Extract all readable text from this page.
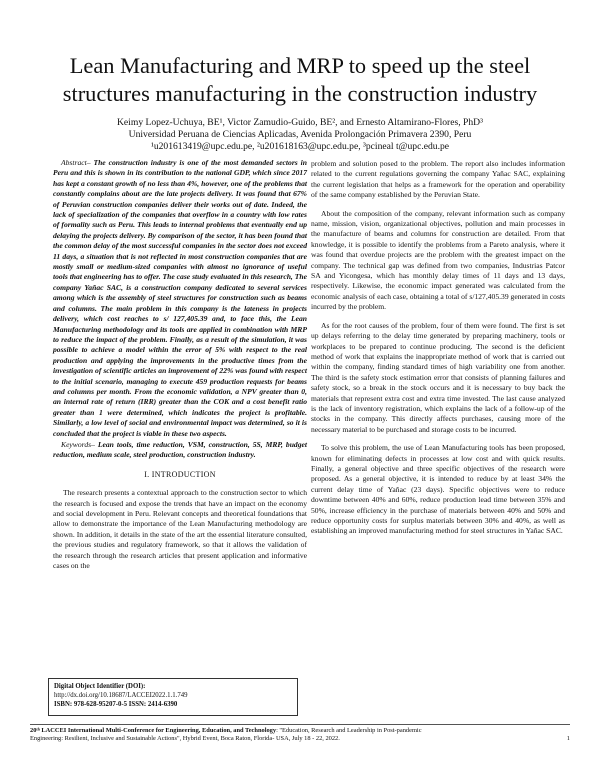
Lean Manufacturing and MRP to speed up the steel
structures manufacturing in the construction industry
Keimy Lopez-Uchuya, BE¹, Victor Zamudio-Guido, BE², and Ernesto Altamirano-Flores, PhD³
Universidad Peruana de Ciencias Aplicadas, Avenida Prolongación Primavera 2390, Peru
¹u201613419@upc.edu.pe, ²u201618163@upc.edu.pe, ³pcineal t@upc.edu.pe

Abstract– The construction industry is one of the most demanded sectors in Peru and this is shown in its contribution to the national GDP, which since 2017 has kept a constant growth of no less than 4%, however, one of the problems that constantly complains about are the late projects delivery. It was found that 67% of Peruvian construction companies deliver their works out of date. Indeed, the lack of specialization of the companies that overflow in a country with low rates of formality such as Peru. This leads to internal problems that eventually end up delaying the projects delivery. By comparison of the sector, it has been found that the common delay of the most successful companies in the sector does not exceed 11 days, a situation that is not reflected in most construction companies that are mostly small or medium-sized companies with almost no ignorance of useful tools that engineering has to offer. The case study evaluated in this research, The company Yañac SAC, is a construction company dedicated to several services among which is the assembly of steel structures for construction such as beams and columns. The main problem in this company is the lateness in projects delivery, which cost reaches to s/ 127,405.39 and, to face this, the Lean Manufacturing methodology and its tools are applied in combination with MRP to reduce the impact of the problem. Finally, as a result of the simulation, it was possible to achieve a model within the error of 5% with respect to the real production and applying the improvements in the productive times from the investigation of scientific articles an improvement of 22% was found with respect to the initial scenario, managing to execute 459 production requests for beams and columns per month. From the economic validation, a NPV greater than 0, an internal rate of return (IRR) greater than the COK and a cost benefit ratio greater than 1 were determined, which indicates the project is profitable. Similarly, a low level of social and environmental impact was determined, so it is concluded that the project is viable in these two aspects.

Keywords– Lean tools, time reduction, VSM, construction, 5S, MRP, budget reduction, medium scale, steel production, construction industry.

I. INTRODUCTION

The research presents a contextual approach to the construction sector to which the research is focused and expose the trends that have an impact on the economy and social development in Peru. Relevant concepts and theoretical foundations that allow to demonstrate the importance of the Lean Manufacturing methodology are shown. In addition, it details in the state of the art the essential literature consulted, the previous studies and regulatory framework, so that it allows the validation of the research through the research articles that present application and informative cases on the

problem and solution posed to the problem. The report also includes information related to the current regulations governing the company Yañac SAC, explaining the current legislation that helps as a framework for the operation and operability of the same company established by the Peruvian State.

About the composition of the company, relevant information such as company name, mission, vision, organizational objectives, pollution and main processes in the manufacture of beams and columns for construction are detailed. From that knowledge, it is possible to identify the problems from a Pareto analysis, where it was found that overdue projects are the problem with the greatest impact on the company. The technical gap was defined from two companies, Industrias Patcor SA and Yicongesa, which has monthly delay times of 11 days and 13 days, respectively. Likewise, the economic impact generated was calculated from the economic analysis of each case, obtaining a total of s/127,405.39 generated in costs incurred by the problem.

As for the root causes of the problem, four of them were found. The first is set up delays referring to the delay time generated by preparing machinery, tools or workplaces to be prepared to continue producing. The second is the deficient method of work that explains the inappropriate method of work that is carried out within the company, finding standard times of high variability one from another. The third is the safety stock estimation error that consists of planning failures and safety stock, so a break in the stock occurs and it is necessary to buy back the materials that represent extra cost and extra time invested. The last cause analyzed is the lack of inventory registration, which explains the lack of a follow-up of the stocks in the company. This directly affects purchases, causing more of the necessary material to be purchased and storage costs to be incurred.

To solve this problem, the use of Lean Manufacturing tools has been proposed, known for eliminating defects in processes at low cost and with quick results. Finally, a general objective and three specific objectives of the research were proposed. As a general objective, it is intended to reduce by at least 34% the current delay time of Yañac (23 days). Specific objectives were to reduce downtime between 40% and 60%, reduce production lead time between 35% and 50%, increase efficiency in the purchase of materials between 40% and 50% and reduce opportunity costs for surplus materials between 30% and 40%, as well as establishing an improved manufacturing method for steel structures in Yañac SAC.

Digital Object Identifier (DOI):
http://dx.doi.org/10.18687/LACCEI2022.1.1.749
ISBN: 978-628-95207-0-5 ISSN: 2414-6390
20ᵗʰ LACCEI International Multi-Conference for Engineering, Education, and Technology: "Education, Research and Leadership in Post-pandemic
Engineering: Resilient, Inclusive and Sustainable Actions", Hybrid Event, Boca Raton, Florida- USA, July 18 - 22, 2022.	1
